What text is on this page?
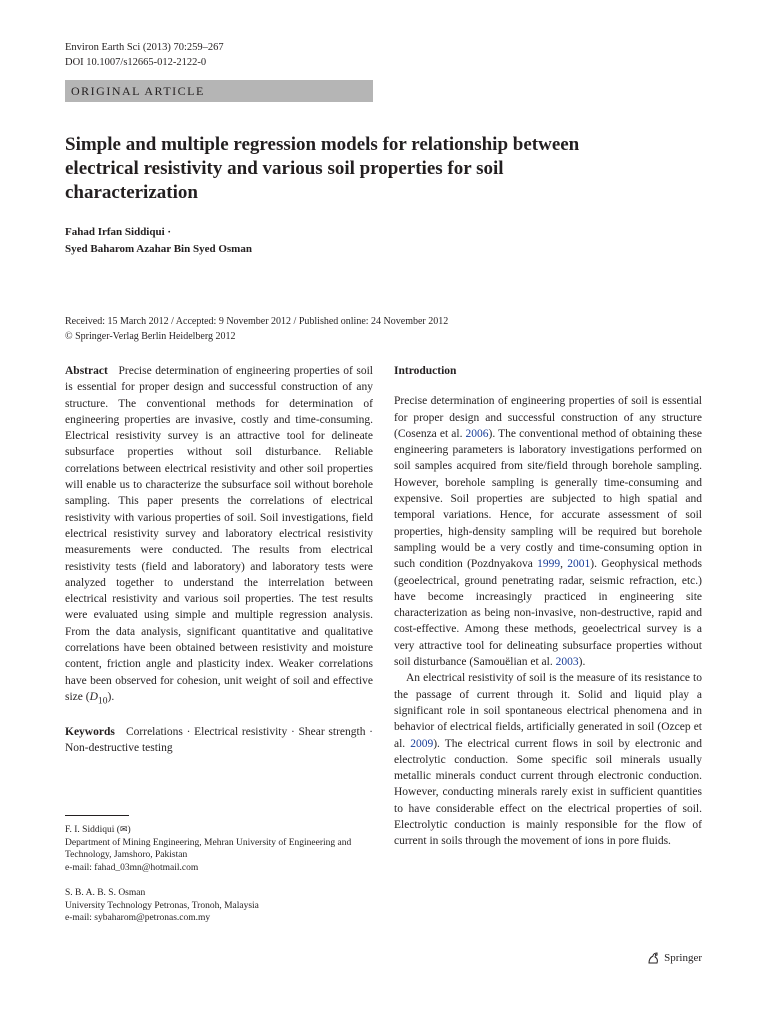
Environ Earth Sci (2013) 70:259–267
DOI 10.1007/s12665-012-2122-0
ORIGINAL ARTICLE
Simple and multiple regression models for relationship between electrical resistivity and various soil properties for soil characterization
Fahad Irfan Siddiqui ·
Syed Baharom Azahar Bin Syed Osman
Received: 15 March 2012 / Accepted: 9 November 2012 / Published online: 24 November 2012
© Springer-Verlag Berlin Heidelberg 2012

Abstract Precise determination of engineering properties of soil is essential for proper design and successful construction of any structure. The conventional methods for determination of engineering properties are invasive, costly and time-consuming. Electrical resistivity survey is an attractive tool for delineate subsurface properties without soil disturbance. Reliable correlations between electrical resistivity and other soil properties will enable us to characterize the subsurface soil without borehole sampling. This paper presents the correlations of electrical resistivity with various properties of soil. Soil investigations, field electrical resistivity survey and laboratory electrical resistivity measurements were conducted. The results from electrical resistivity tests (field and laboratory) and laboratory tests were analyzed together to understand the interrelation between electrical resistivity and various soil properties. The test results were evaluated using simple and multiple regression analysis. From the data analysis, significant quantitative and qualitative correlations have been obtained between resistivity and moisture content, friction angle and plasticity index. Weaker correlations have been observed for cohesion, unit weight of soil and effective size $(D_{10})$.

Keywords Correlations · Electrical resistivity · Shear strength · Non-destructive testing

F. I. Siddiqui (✉)
Department of Mining Engineering, Mehran University of Engineering and Technology, Jamshoro, Pakistan
e-mail: fahad_03mn@hotmail.com
S. B. A. B. S. Osman
University Technology Petronas, Tronoh, Malaysia
e-mail: sybaharom@petronas.com.my
Introduction

Precise determination of engineering properties of soil is essential for proper design and successful construction of any structure (Cosenza et al. 2006). The conventional method of obtaining these engineering parameters is laboratory investigations performed on soil samples acquired from site/field through borehole sampling. However, borehole sampling is generally time-consuming and expensive. Soil properties are subjected to high spatial and temporal variations. Hence, for accurate assessment of soil properties, high-density sampling will be required but borehole sampling would be a very costly and time-consuming option in such condition (Pozdnyakova 1999, 2001). Geophysical methods (geoelectrical, ground penetrating radar, seismic refraction, etc.) have become increasingly practiced in engineering site characterization as being non-invasive, non-destructive, rapid and cost-effective. Among these methods, geoelectrical survey is a very attractive tool for delineating subsurface properties without soil disturbance (Samouëlian et al. 2003).

An electrical resistivity of soil is the measure of its resistance to the passage of current through it. Solid and liquid play a significant role in soil spontaneous electrical phenomena and in behavior of electrical fields, artificially generated in soil (Ozcep et al. 2009). The electrical current flows in soil by electronic and electrolytic conduction. Some specific soil minerals usually metallic minerals conduct current through electronic conduction. However, conducting minerals rarely exist in sufficient quantities to have considerable effect on the electrical properties of soil. Electrolytic conduction is mainly responsible for the flow of current in soils through the movement of ions in pore fluids.

Springer
